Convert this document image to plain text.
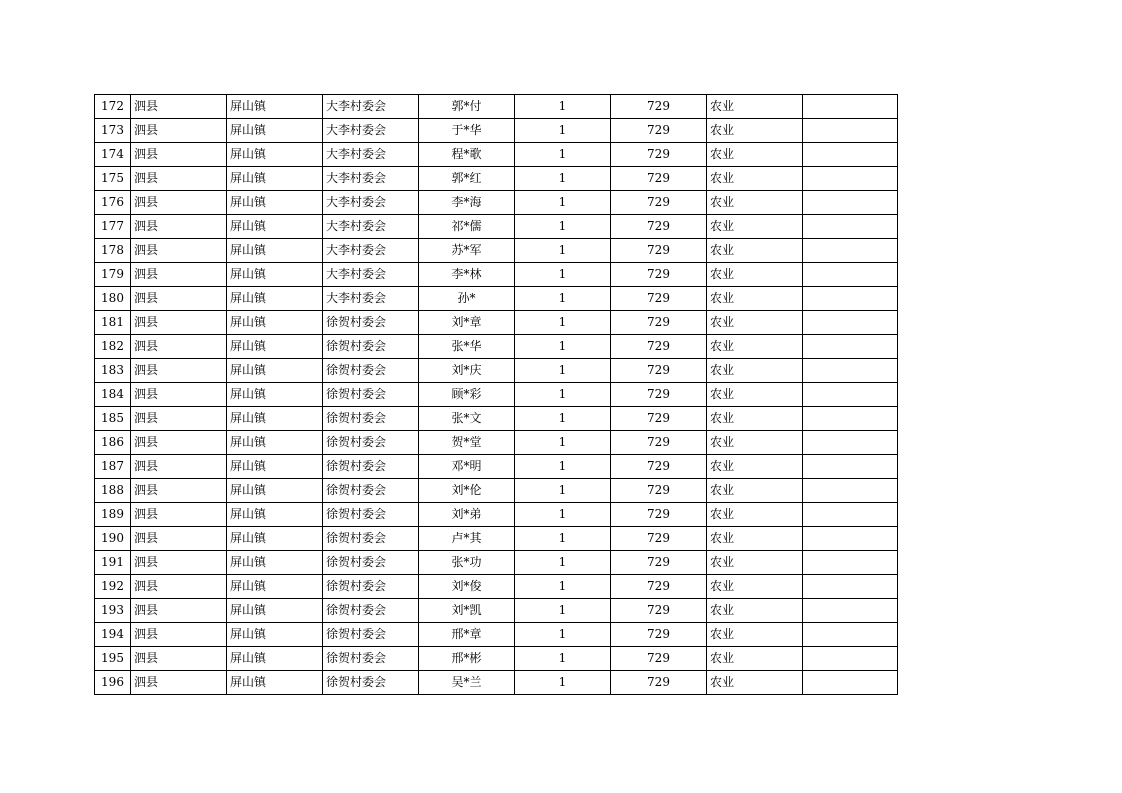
172	泗县	屏山镇	大李村委会	郭*付	1	729	农业	
173	泗县	屏山镇	大李村委会	于*华	1	729	农业	
174	泗县	屏山镇	大李村委会	程*歌	1	729	农业	
175	泗县	屏山镇	大李村委会	郭*红	1	729	农业	
176	泗县	屏山镇	大李村委会	李*海	1	729	农业	
177	泗县	屏山镇	大李村委会	祁*儒	1	729	农业	
178	泗县	屏山镇	大李村委会	苏*军	1	729	农业	
179	泗县	屏山镇	大李村委会	李*林	1	729	农业	
180	泗县	屏山镇	大李村委会	孙*	1	729	农业	
181	泗县	屏山镇	徐贺村委会	刘*章	1	729	农业	
182	泗县	屏山镇	徐贺村委会	张*华	1	729	农业	
183	泗县	屏山镇	徐贺村委会	刘*庆	1	729	农业	
184	泗县	屏山镇	徐贺村委会	顾*彩	1	729	农业	
185	泗县	屏山镇	徐贺村委会	张*文	1	729	农业	
186	泗县	屏山镇	徐贺村委会	贺*堂	1	729	农业	
187	泗县	屏山镇	徐贺村委会	邓*明	1	729	农业	
188	泗县	屏山镇	徐贺村委会	刘*伦	1	729	农业	
189	泗县	屏山镇	徐贺村委会	刘*弟	1	729	农业	
190	泗县	屏山镇	徐贺村委会	卢*其	1	729	农业	
191	泗县	屏山镇	徐贺村委会	张*功	1	729	农业	
192	泗县	屏山镇	徐贺村委会	刘*俊	1	729	农业	
193	泗县	屏山镇	徐贺村委会	刘*凯	1	729	农业	
194	泗县	屏山镇	徐贺村委会	邢*章	1	729	农业	
195	泗县	屏山镇	徐贺村委会	邢*彬	1	729	农业	
196	泗县	屏山镇	徐贺村委会	吴*兰	1	729	农业	
